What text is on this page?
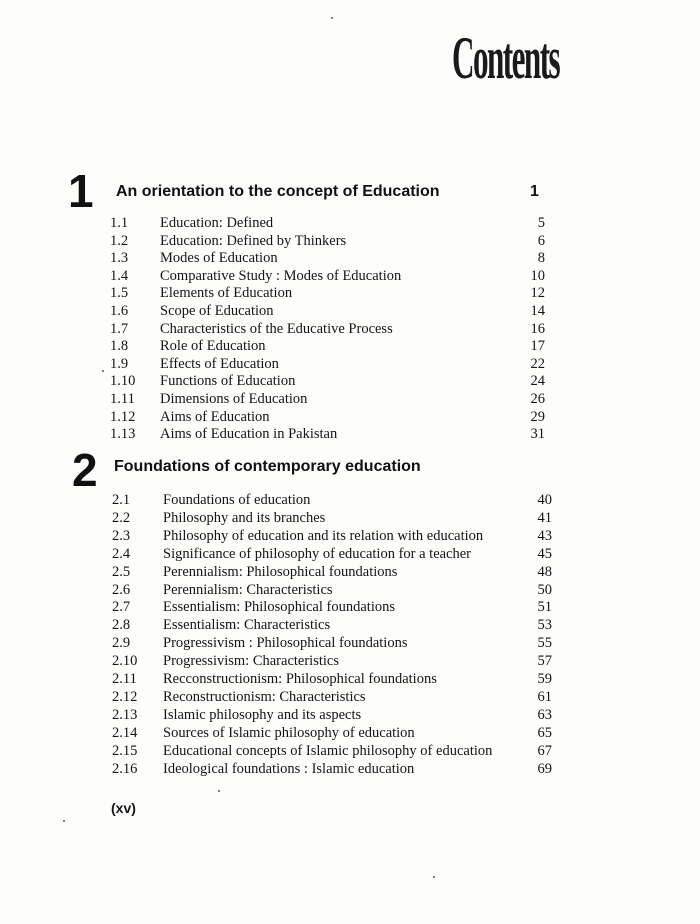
Contents
1 An orientation to the concept of Education	1
1.1 Education: Defined	5
1.2 Education: Defined by Thinkers	6
1.3 Modes of Education	8
1.4 Comparative Study : Modes of Education	10
1.5 Elements of Education	12
1.6 Scope of Education	14
1.7 Characteristics of the Educative Process	16
1.8 Role of Education	17
1.9 Effects of Education	22
1.10 Functions of Education	24
1.11 Dimensions of Education	26
1.12 Aims of Education	29
1.13 Aims of Education in Pakistan	31
2 Foundations of contemporary education
2.1 Foundations of education	40
2.2 Philosophy and its branches	41
2.3 Philosophy of education and its relation with education	43
2.4 Significance of philosophy of education for a teacher	45
2.5 Perennialism: Philosophical foundations	48
2.6 Perennialism: Characteristics	50
2.7 Essentialism: Philosophical foundations	51
2.8 Essentialism: Characteristics	53
2.9 Progressivism : Philosophical foundations	55
2.10 Progressivism: Characteristics	57
2.11 Recconstructionism: Philosophical foundations	59
2.12 Reconstructionism: Characteristics	61
2.13 Islamic philosophy and its aspects	63
2.14 Sources of Islamic philosophy of education	65
2.15 Educational concepts of Islamic philosophy of education	67
2.16 Ideological foundations : Islamic education	69
(xv)
